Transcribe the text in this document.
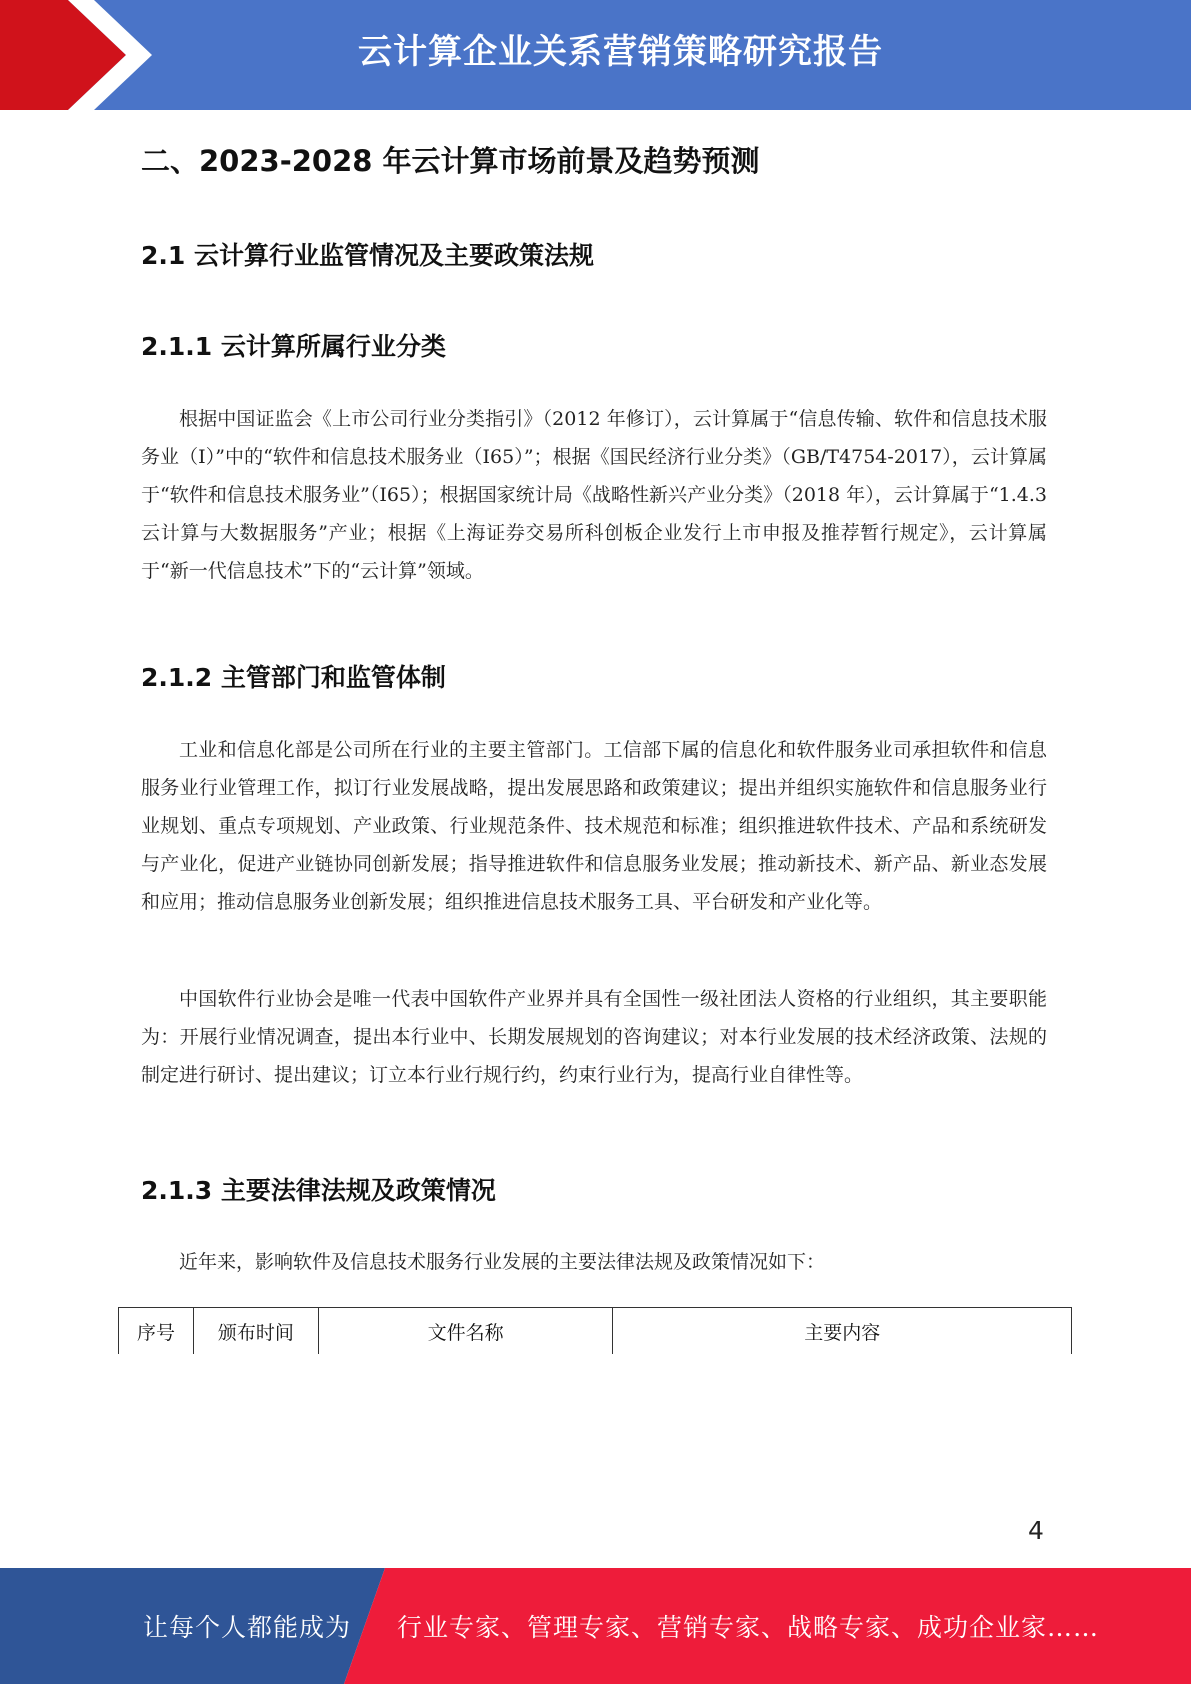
云计算企业关系营销策略研究报告
二、2023-2028 年云计算市场前景及趋势预测
2.1 云计算行业监管情况及主要政策法规
2.1.1 云计算所属行业分类

根据中国证监会《上市公司行业分类指引》（2012 年修订），云计算属于“信息传输、软件和信息技术服务业（I）”中的“软件和信息技术服务业（I65）”；根据《国民经济行业分类》（GB/T4754-2017），云计算属于“软件和信息技术服务业”（I65）；根据国家统计局《战略性新兴产业分类》（2018 年），云计算属于“1.4.3 云计算与大数据服务”产业；根据《上海证券交易所科创板企业发行上市申报及推荐暂行规定》，云计算属于“新一代信息技术”下的“云计算”领域。

2.1.2 主管部门和监管体制

工业和信息化部是公司所在行业的主要主管部门。工信部下属的信息化和软件服务业司承担软件和信息服务业行业管理工作，拟订行业发展战略，提出发展思路和政策建议；提出并组织实施软件和信息服务业行业规划、重点专项规划、产业政策、行业规范条件、技术规范和标准；组织推进软件技术、产品和系统研发与产业化，促进产业链协同创新发展；指导推进软件和信息服务业发展；推动新技术、新产品、新业态发展和应用；推动信息服务业创新发展；组织推进信息技术服务工具、平台研发和产业化等。

中国软件行业协会是唯一代表中国软件产业界并具有全国性一级社团法人资格的行业组织，其主要职能为：开展行业情况调查，提出本行业中、长期发展规划的咨询建议；对本行业发展的技术经济政策、法规的制定进行研讨、提出建议；订立本行业行规行约，约束行业行为，提高行业自律性等。

2.1.3 主要法律法规及政策情况

近年来，影响软件及信息技术服务行业发展的主要法律法规及政策情况如下：

序号	颁布时间	文件名称	主要内容
4
让每个人都能成为 行业专家、管理专家、营销专家、战略专家、成功企业家……
